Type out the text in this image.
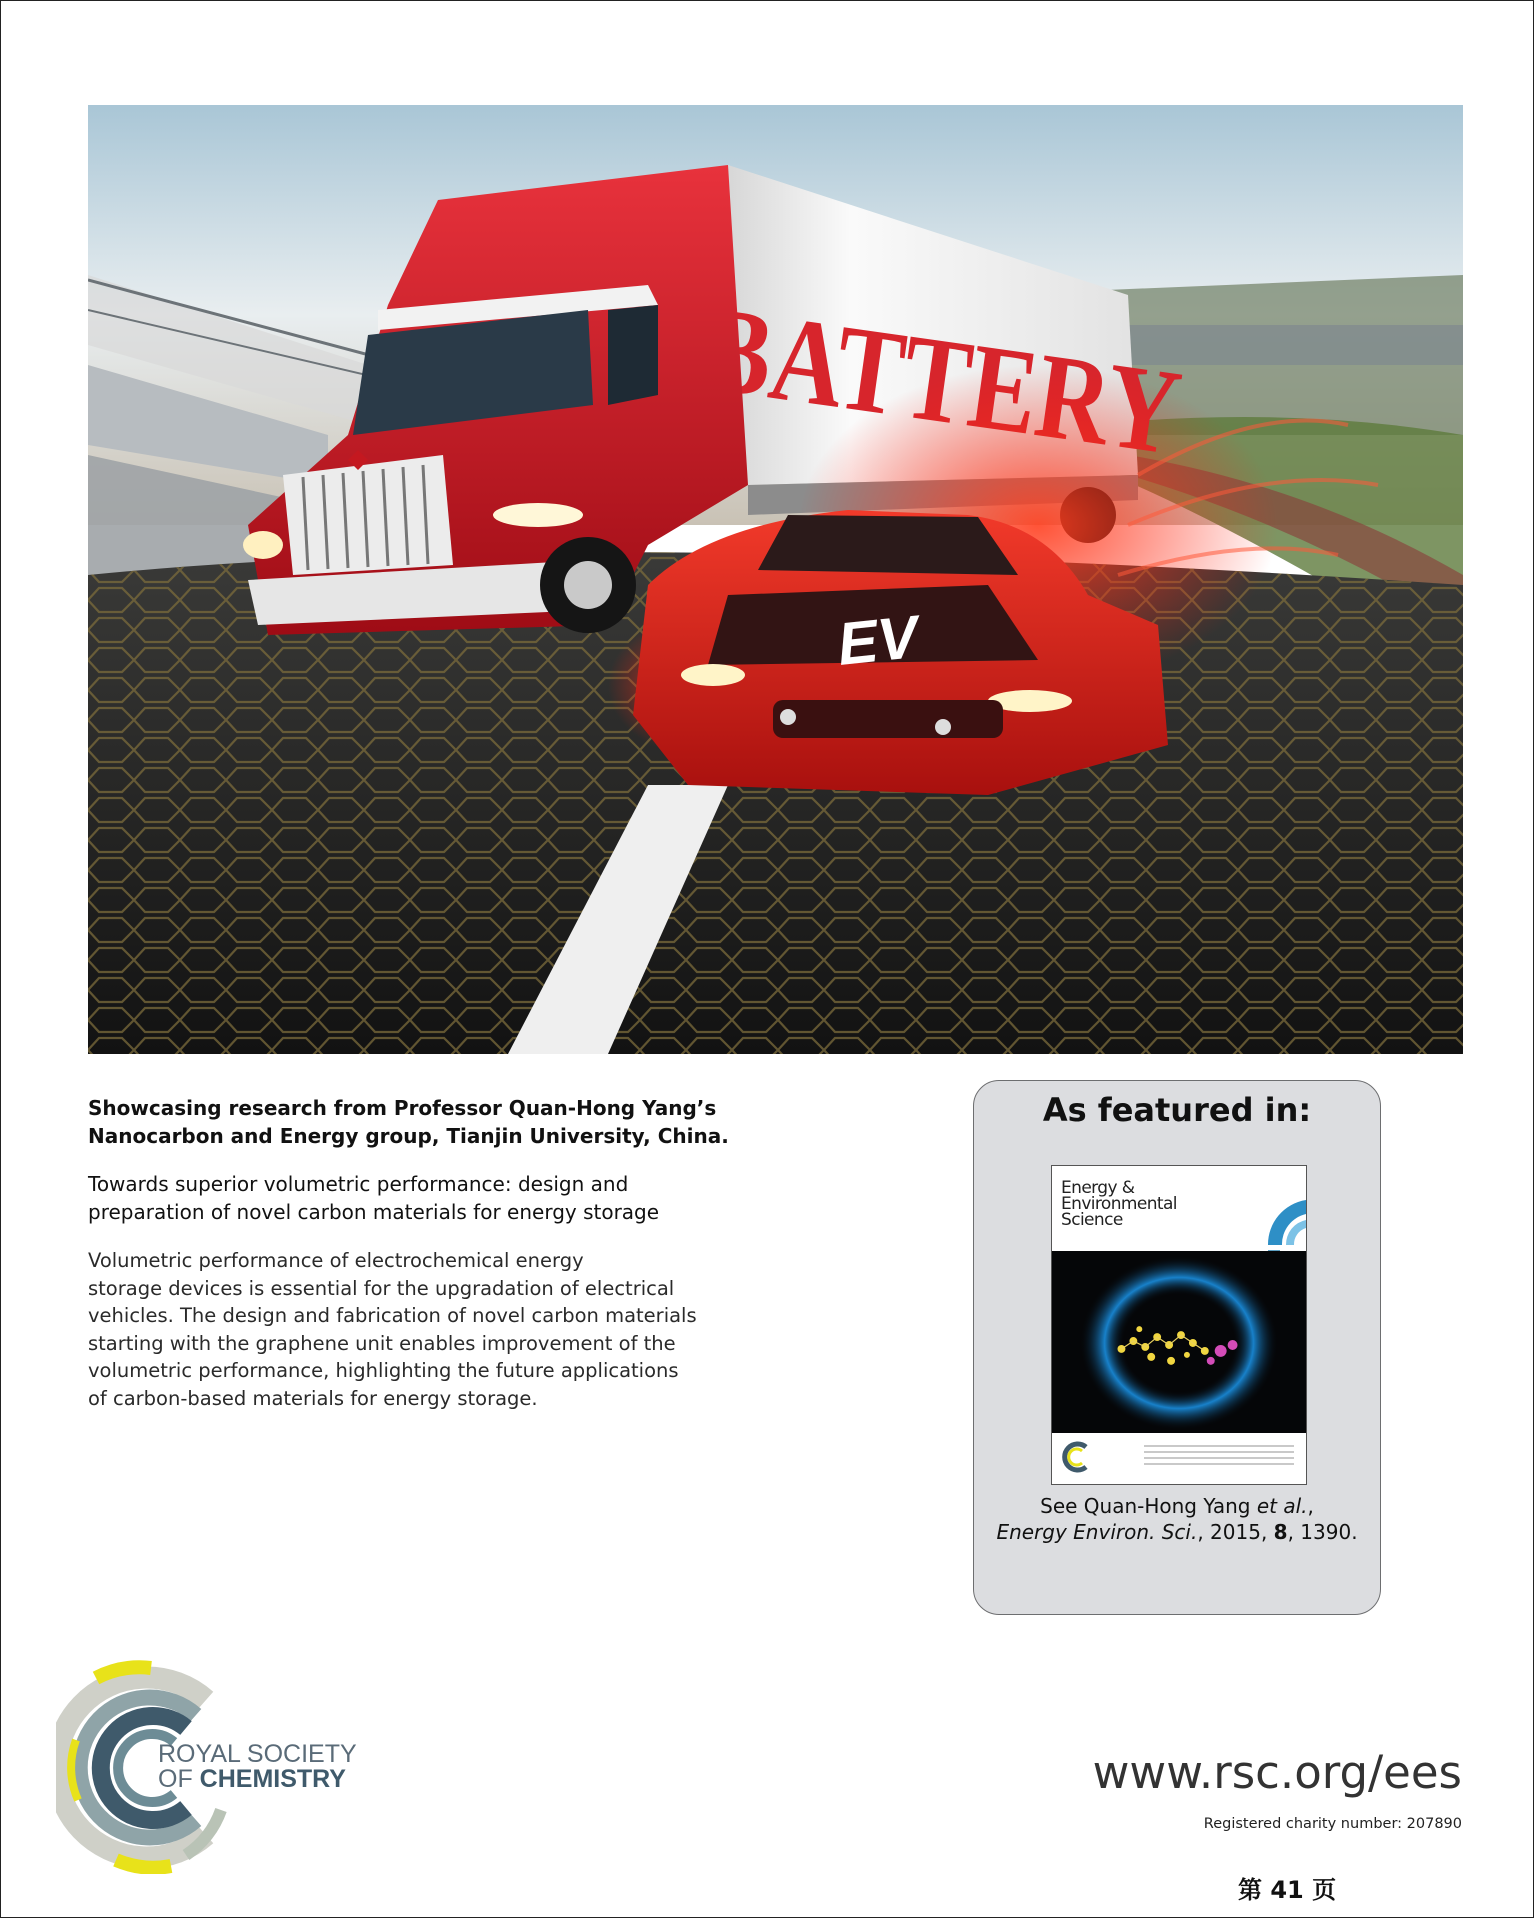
EV
Showcasing research from Professor Quan-Hong Yang’s
Nanocarbon and Energy group, Tianjin University, China.
Towards superior volumetric performance: design and
preparation of novel carbon materials for energy storage
Volumetric performance of electrochemical energy
storage devices is essential for the upgradation of electrical
vehicles. The design and fabrication of novel carbon materials
starting with the graphene unit enables improvement of the
volumetric performance, highlighting the future applications
of carbon-based materials for energy storage.
As featured in:
Energy &
Environmental
Science
See Quan-Hong Yang et al.,
Energy Environ. Sci., 2015, 8, 1390.
ROYAL SOCIETY
OF CHEMISTRY	www.rsc.org/ees
Registered charity number: 207890
第 41 页
